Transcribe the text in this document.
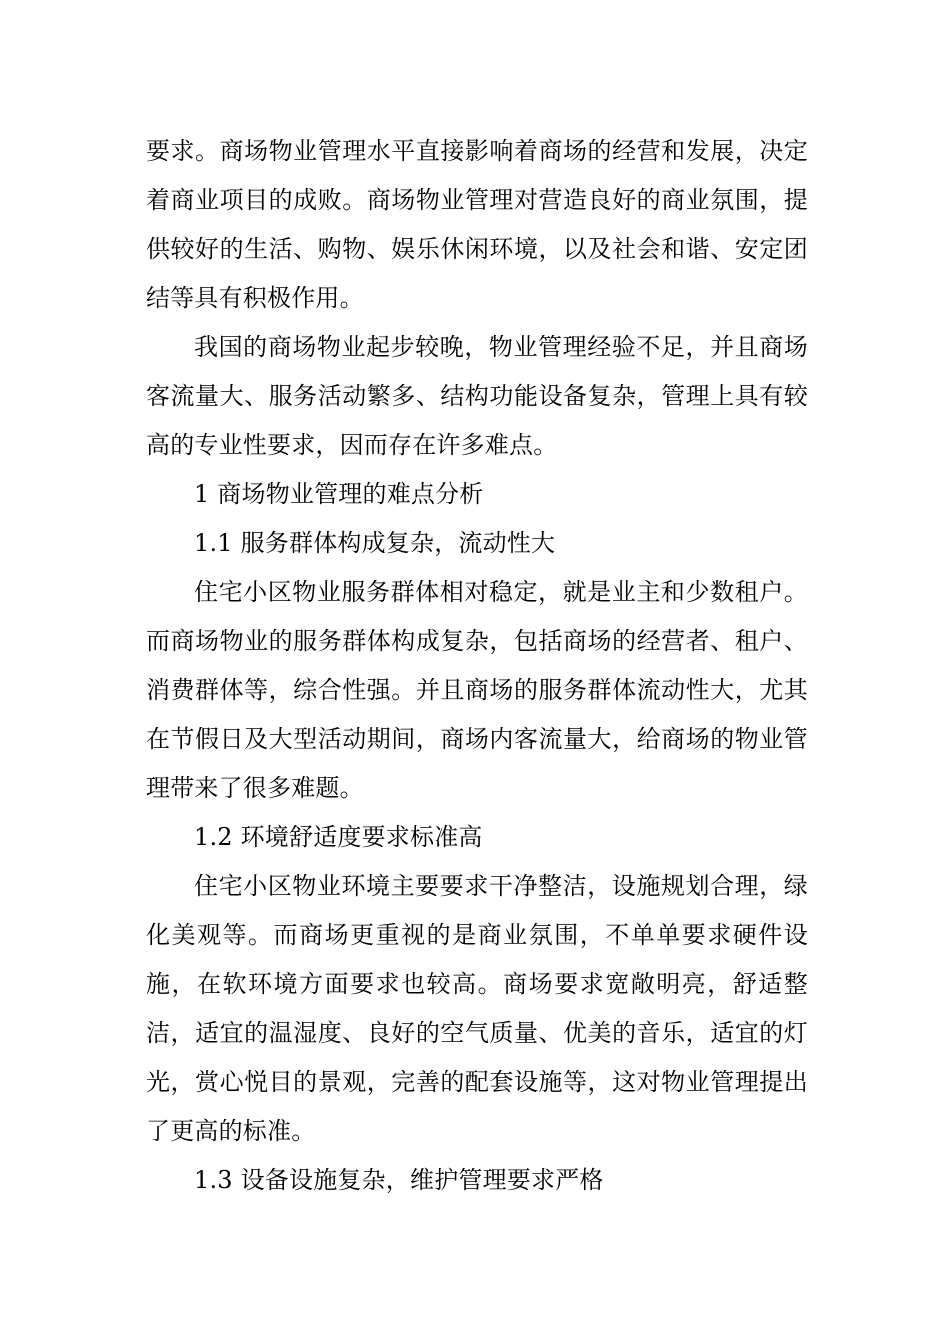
要求。商场物业管理水平直接影响着商场的经营和发展，决定着商业项目的成败。商场物业管理对营造良好的商业氛围，提供较好的生活、购物、娱乐休闲环境，以及社会和谐、安定团结等具有积极作用。

我国的商场物业起步较晚，物业管理经验不足，并且商场客流量大、服务活动繁多、结构功能设备复杂，管理上具有较高的专业性要求，因而存在许多难点。

1 商场物业管理的难点分析

1.1 服务群体构成复杂，流动性大

住宅小区物业服务群体相对稳定，就是业主和少数租户。而商场物业的服务群体构成复杂，包括商场的经营者、租户、消费群体等，综合性强。并且商场的服务群体流动性大，尤其在节假日及大型活动期间，商场内客流量大，给商场的物业管理带来了很多难题。

1.2 环境舒适度要求标准高

住宅小区物业环境主要要求干净整洁，设施规划合理，绿化美观等。而商场更重视的是商业氛围，不单单要求硬件设施，在软环境方面要求也较高。商场要求宽敞明亮，舒适整洁，适宜的温湿度、良好的空气质量、优美的音乐，适宜的灯光，赏心悦目的景观，完善的配套设施等，这对物业管理提出了更高的标准。

1.3 设备设施复杂，维护管理要求严格
